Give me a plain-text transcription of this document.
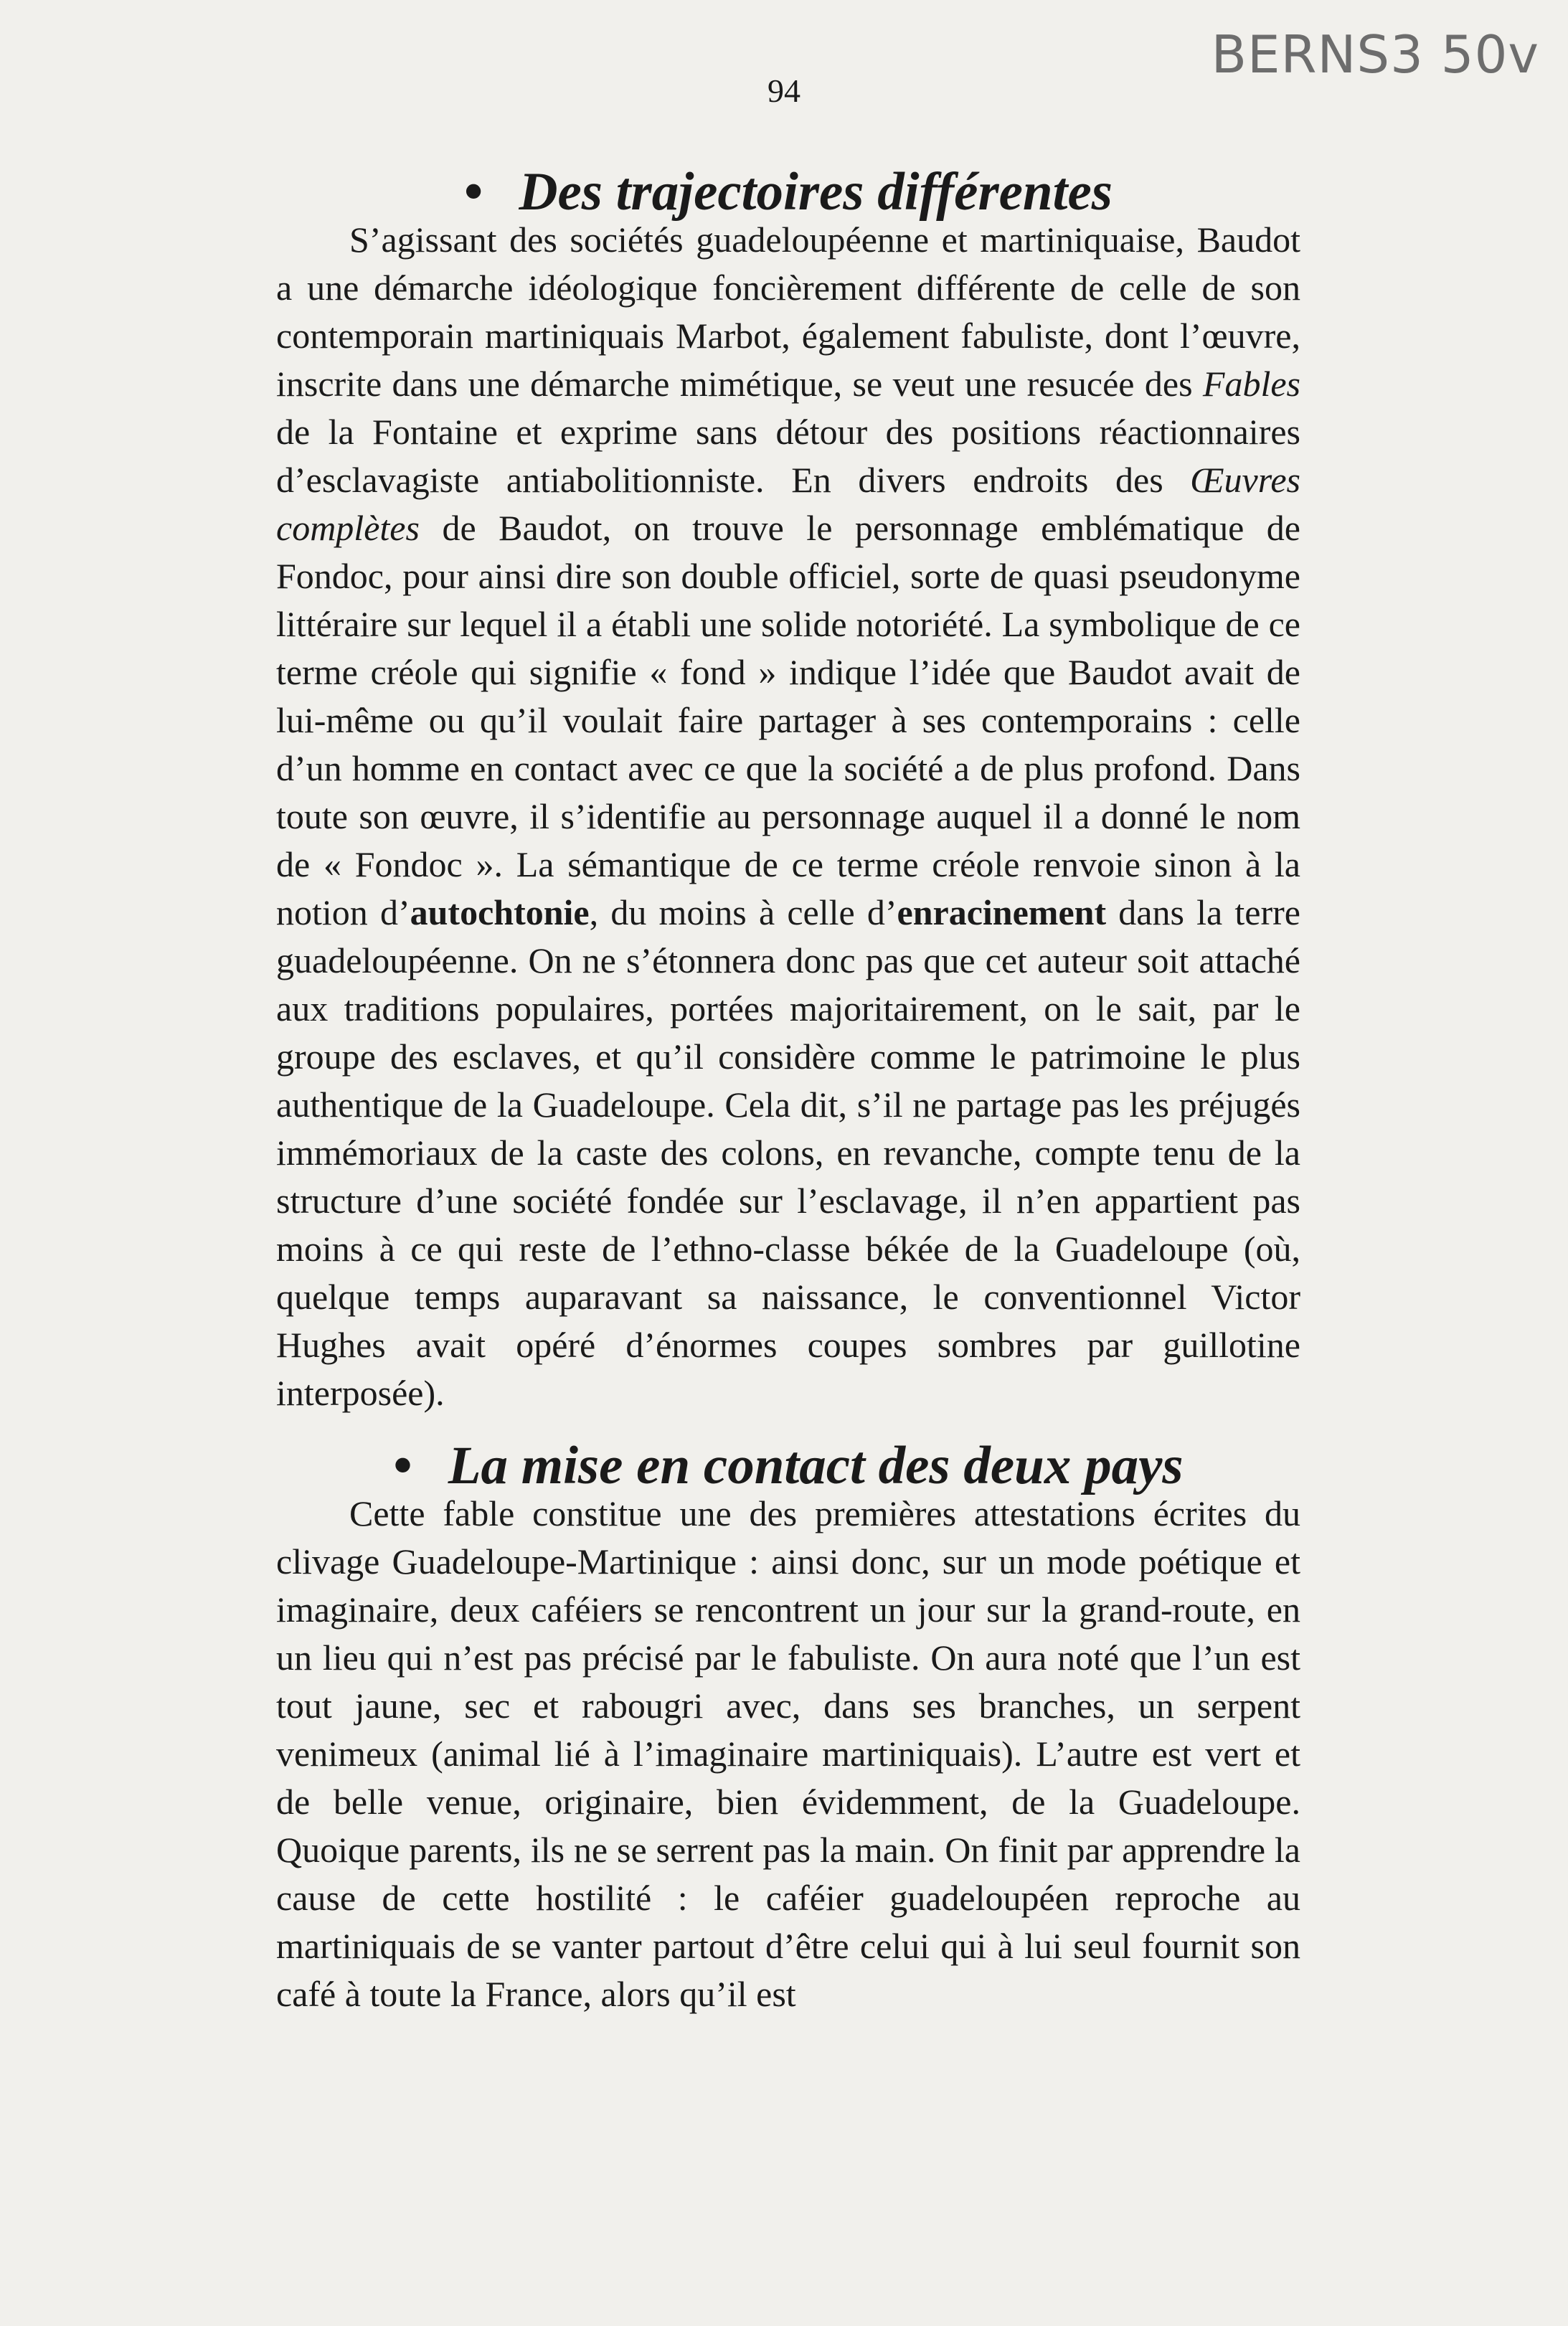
BERNS3 50v
94
• Des trajectoires différentes

S’agissant des sociétés guadeloupéenne et martiniquaise, Baudot a une démarche idéologique foncièrement différente de celle de son contemporain martiniquais Marbot, également fabuliste, dont l’œuvre, inscrite dans une démarche mimétique, se veut une resucée des Fables de la Fontaine et exprime sans détour des positions réactionnaires d’esclavagiste antiabolitionniste. En divers endroits des Œuvres complètes de Baudot, on trouve le personnage emblématique de Fondoc, pour ainsi dire son double officiel, sorte de quasi pseudonyme littéraire sur lequel il a établi une solide notoriété. La symbolique de ce terme créole qui signifie « fond » indique l’idée que Baudot avait de lui-même ou qu’il voulait faire partager à ses contemporains : celle d’un homme en contact avec ce que la société a de plus profond. Dans toute son œuvre, il s’identifie au personnage auquel il a donné le nom de « Fondoc ». La sémantique de ce terme créole renvoie sinon à la notion d’autochtonie, du moins à celle d’enracinement dans la terre guadeloupéenne. On ne s’étonnera donc pas que cet auteur soit attaché aux traditions populaires, portées majoritairement, on le sait, par le groupe des esclaves, et qu’il considère comme le patrimoine le plus authentique de la Guadeloupe. Cela dit, s’il ne partage pas les préjugés immémoriaux de la caste des colons, en revanche, compte tenu de la structure d’une société fondée sur l’esclavage, il n’en appartient pas moins à ce qui reste de l’ethno-classe békée de la Guadeloupe (où, quelque temps auparavant sa naissance, le conventionnel Victor Hughes avait opéré d’énormes coupes sombres par guillotine interposée).

• La mise en contact des deux pays

Cette fable constitue une des premières attestations écrites du clivage Guadeloupe-Martinique : ainsi donc, sur un mode poétique et imaginaire, deux caféiers se rencontrent un jour sur la grand-route, en un lieu qui n’est pas précisé par le fabuliste. On aura noté que l’un est tout jaune, sec et rabougri avec, dans ses branches, un serpent venimeux (animal lié à l’imaginaire martiniquais). L’autre est vert et de belle venue, originaire, bien évidemment, de la Guadeloupe. Quoique parents, ils ne se serrent pas la main. On finit par apprendre la cause de cette hostilité : le caféier guadeloupéen reproche au martiniquais de se vanter partout d’être celui qui à lui seul fournit son café à toute la France, alors qu’il est
